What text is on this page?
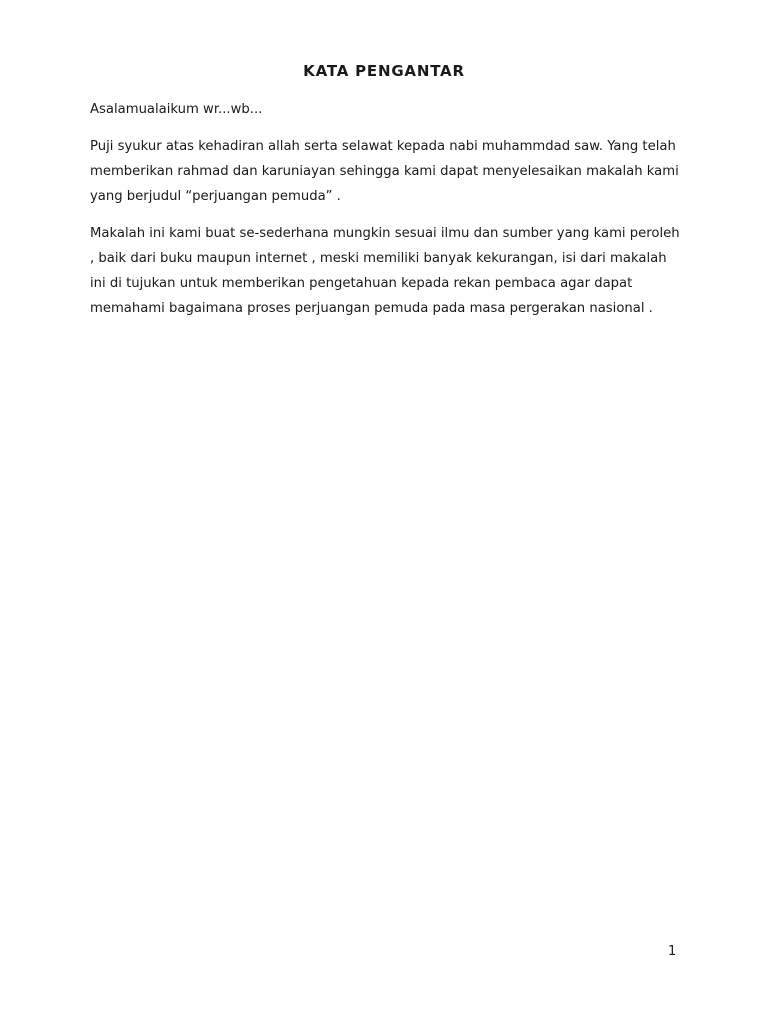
KATA PENGANTAR

Asalamualaikum wr...wb...

Puji syukur atas kehadiran allah serta selawat kepada nabi muhammdad saw. Yang telah memberikan rahmad dan karuniayan sehingga kami dapat menyelesaikan makalah kami yang berjudul “perjuangan pemuda” .

Makalah ini kami buat se-sederhana mungkin sesuai ilmu dan sumber yang kami peroleh , baik dari buku maupun internet , meski memiliki banyak kekurangan, isi dari makalah ini di tujukan untuk memberikan pengetahuan kepada rekan pembaca agar dapat memahami bagaimana proses perjuangan pemuda pada masa pergerakan nasional .

1
